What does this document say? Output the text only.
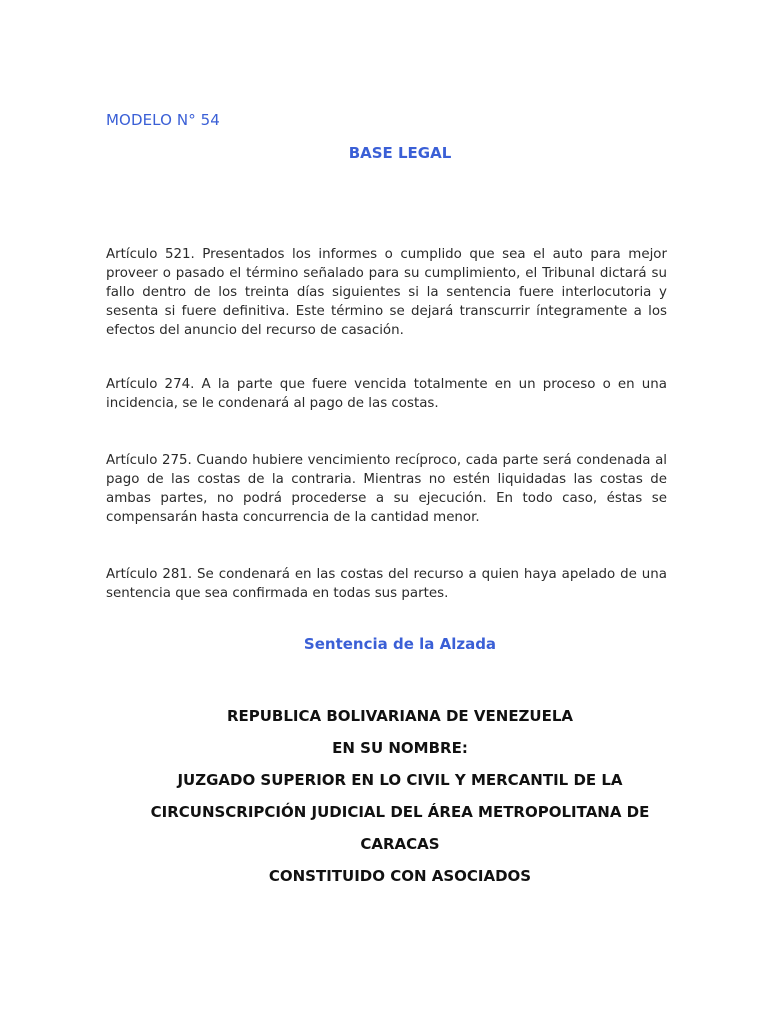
MODELO N° 54
BASE LEGAL

Artículo 521. Presentados los informes o cumplido que sea el auto para mejor proveer o pasado el término señalado para su cumplimiento, el Tribunal dictará su fallo dentro de los treinta días siguientes si la sentencia fuere interlocutoria y sesenta si fuere definitiva. Este término se dejará transcurrir íntegramente a los efectos del anuncio del recurso de casación.

Artículo 274. A la parte que fuere vencida totalmente en un proceso o en una incidencia, se le condenará al pago de las costas.

Artículo 275. Cuando hubiere vencimiento recíproco, cada parte será condenada al pago de las costas de la contraria. Mientras no estén liquidadas las costas de ambas partes, no podrá procederse a su ejecución. En todo caso, éstas se compensarán hasta concurrencia de la cantidad menor.

Artículo 281. Se condenará en las costas del recurso a quien haya apelado de una sentencia que sea confirmada en todas sus partes.

Sentencia de la Alzada
REPUBLICA BOLIVARIANA DE VENEZUELA
EN SU NOMBRE:
JUZGADO SUPERIOR EN LO CIVIL Y MERCANTIL DE LA
CIRCUNSCRIPCIÓN JUDICIAL DEL ÁREA METROPOLITANA DE
CARACAS
CONSTITUIDO CON ASOCIADOS
